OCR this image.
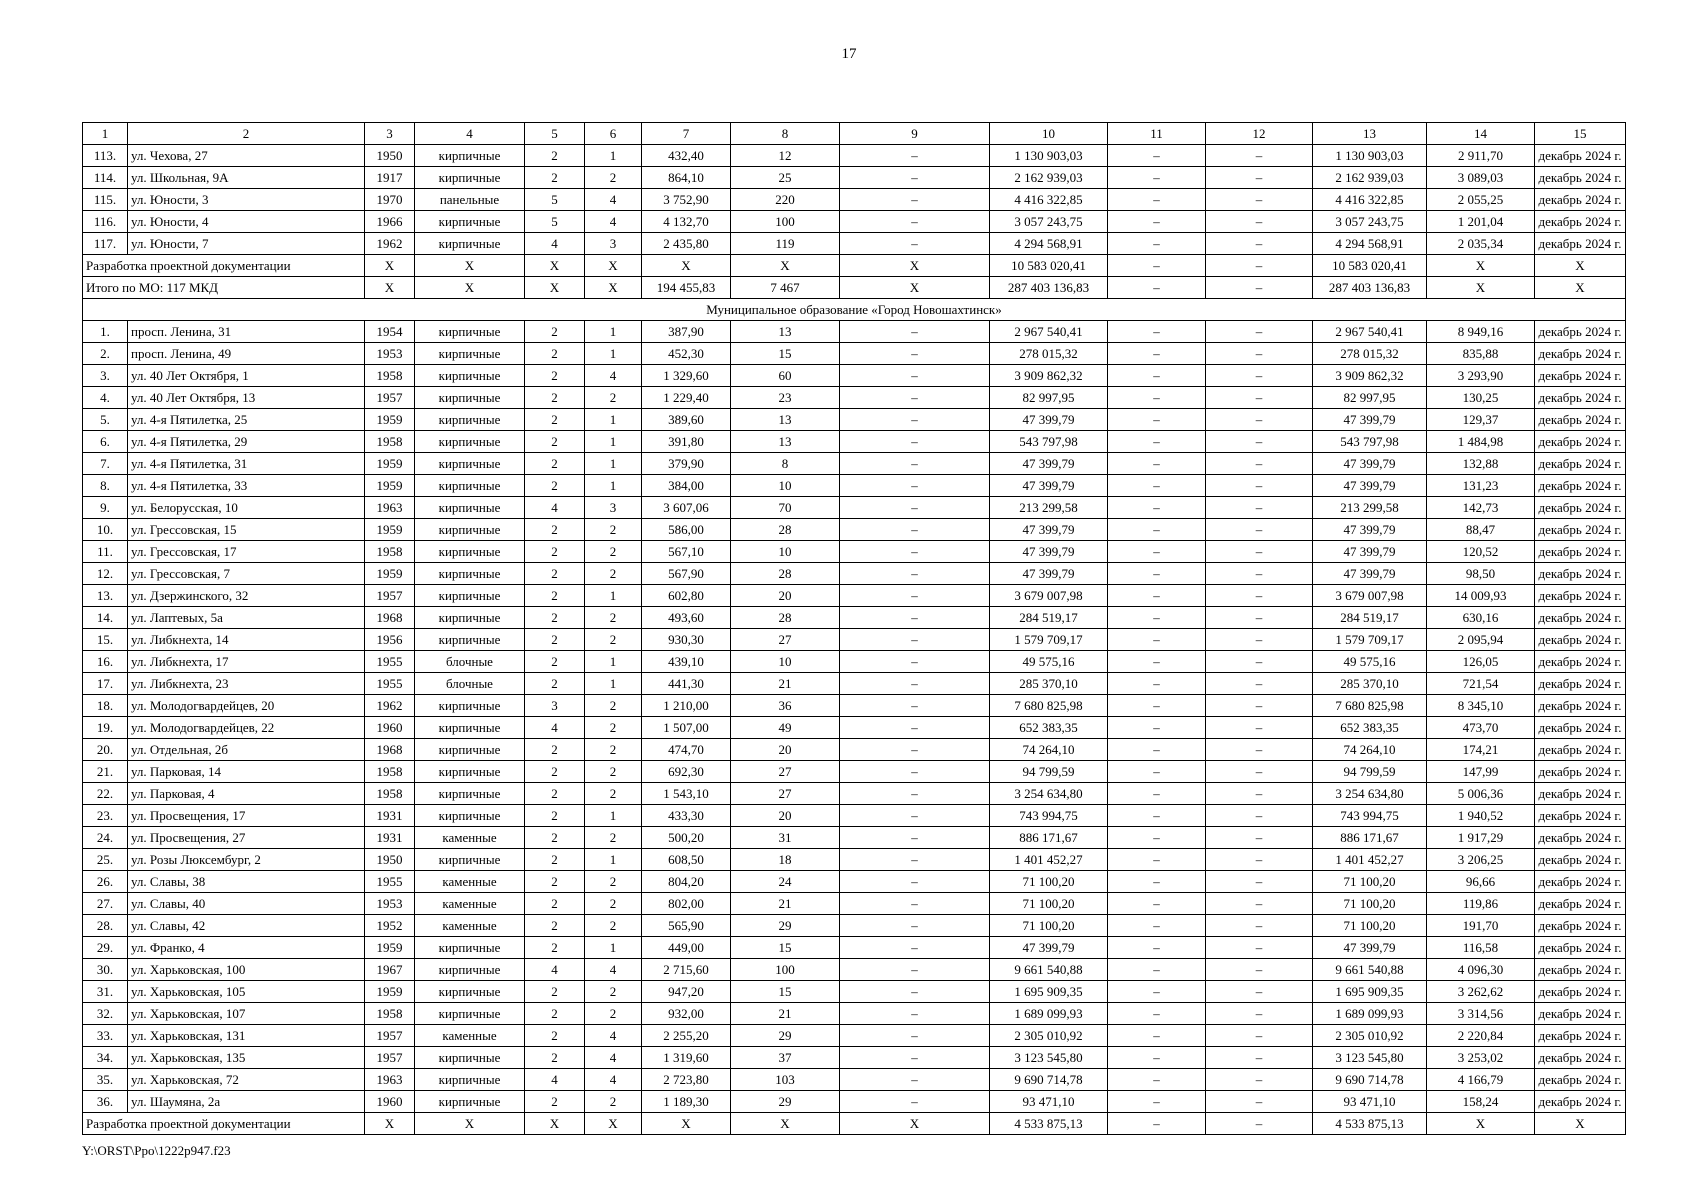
17
1	2	3	4	5	6	7	8	9	10	11	12	13	14	15
113.	ул. Чехова, 27	1950	кирпичные	2	1	432,40	12	–	1 130 903,03	–	–	1 130 903,03	2 911,70	декабрь 2024 г.
114.	ул. Школьная, 9А	1917	кирпичные	2	2	864,10	25	–	2 162 939,03	–	–	2 162 939,03	3 089,03	декабрь 2024 г.
115.	ул. Юности, 3	1970	панельные	5	4	3 752,90	220	–	4 416 322,85	–	–	4 416 322,85	2 055,25	декабрь 2024 г.
116.	ул. Юности, 4	1966	кирпичные	5	4	4 132,70	100	–	3 057 243,75	–	–	3 057 243,75	1 201,04	декабрь 2024 г.
117.	ул. Юности, 7	1962	кирпичные	4	3	2 435,80	119	–	4 294 568,91	–	–	4 294 568,91	2 035,34	декабрь 2024 г.
Разработка проектной документации		Х	Х	Х	Х	Х	Х	Х	10 583 020,41	–	–	10 583 020,41	Х	Х
Итого по МО: 117 МКД		Х	Х	Х	Х	194 455,83	7 467	Х	287 403 136,83	–	–	287 403 136,83	Х	Х
Муниципальное образование «Город Новошахтинск»														
1.	просп. Ленина, 31	1954	кирпичные	2	1	387,90	13	–	2 967 540,41	–	–	2 967 540,41	8 949,16	декабрь 2024 г.
2.	просп. Ленина, 49	1953	кирпичные	2	1	452,30	15	–	278 015,32	–	–	278 015,32	835,88	декабрь 2024 г.
3.	ул. 40 Лет Октября, 1	1958	кирпичные	2	4	1 329,60	60	–	3 909 862,32	–	–	3 909 862,32	3 293,90	декабрь 2024 г.
4.	ул. 40 Лет Октября, 13	1957	кирпичные	2	2	1 229,40	23	–	82 997,95	–	–	82 997,95	130,25	декабрь 2024 г.
5.	ул. 4-я Пятилетка, 25	1959	кирпичные	2	1	389,60	13	–	47 399,79	–	–	47 399,79	129,37	декабрь 2024 г.
6.	ул. 4-я Пятилетка, 29	1958	кирпичные	2	1	391,80	13	–	543 797,98	–	–	543 797,98	1 484,98	декабрь 2024 г.
7.	ул. 4-я Пятилетка, 31	1959	кирпичные	2	1	379,90	8	–	47 399,79	–	–	47 399,79	132,88	декабрь 2024 г.
8.	ул. 4-я Пятилетка, 33	1959	кирпичные	2	1	384,00	10	–	47 399,79	–	–	47 399,79	131,23	декабрь 2024 г.
9.	ул. Белорусская, 10	1963	кирпичные	4	3	3 607,06	70	–	213 299,58	–	–	213 299,58	142,73	декабрь 2024 г.
10.	ул. Грессовская, 15	1959	кирпичные	2	2	586,00	28	–	47 399,79	–	–	47 399,79	88,47	декабрь 2024 г.
11.	ул. Грессовская, 17	1958	кирпичные	2	2	567,10	10	–	47 399,79	–	–	47 399,79	120,52	декабрь 2024 г.
12.	ул. Грессовская, 7	1959	кирпичные	2	2	567,90	28	–	47 399,79	–	–	47 399,79	98,50	декабрь 2024 г.
13.	ул. Дзержинского, 32	1957	кирпичные	2	1	602,80	20	–	3 679 007,98	–	–	3 679 007,98	14 009,93	декабрь 2024 г.
14.	ул. Лаптевых, 5а	1968	кирпичные	2	2	493,60	28	–	284 519,17	–	–	284 519,17	630,16	декабрь 2024 г.
15.	ул. Либкнехта, 14	1956	кирпичные	2	2	930,30	27	–	1 579 709,17	–	–	1 579 709,17	2 095,94	декабрь 2024 г.
16.	ул. Либкнехта, 17	1955	блочные	2	1	439,10	10	–	49 575,16	–	–	49 575,16	126,05	декабрь 2024 г.
17.	ул. Либкнехта, 23	1955	блочные	2	1	441,30	21	–	285 370,10	–	–	285 370,10	721,54	декабрь 2024 г.
18.	ул. Молодогвардейцев, 20	1962	кирпичные	3	2	1 210,00	36	–	7 680 825,98	–	–	7 680 825,98	8 345,10	декабрь 2024 г.
19.	ул. Молодогвардейцев, 22	1960	кирпичные	4	2	1 507,00	49	–	652 383,35	–	–	652 383,35	473,70	декабрь 2024 г.
20.	ул. Отдельная, 2б	1968	кирпичные	2	2	474,70	20	–	74 264,10	–	–	74 264,10	174,21	декабрь 2024 г.
21.	ул. Парковая, 14	1958	кирпичные	2	2	692,30	27	–	94 799,59	–	–	94 799,59	147,99	декабрь 2024 г.
22.	ул. Парковая, 4	1958	кирпичные	2	2	1 543,10	27	–	3 254 634,80	–	–	3 254 634,80	5 006,36	декабрь 2024 г.
23.	ул. Просвещения, 17	1931	кирпичные	2	1	433,30	20	–	743 994,75	–	–	743 994,75	1 940,52	декабрь 2024 г.
24.	ул. Просвещения, 27	1931	каменные	2	2	500,20	31	–	886 171,67	–	–	886 171,67	1 917,29	декабрь 2024 г.
25.	ул. Розы Люксембург, 2	1950	кирпичные	2	1	608,50	18	–	1 401 452,27	–	–	1 401 452,27	3 206,25	декабрь 2024 г.
26.	ул. Славы, 38	1955	каменные	2	2	804,20	24	–	71 100,20	–	–	71 100,20	96,66	декабрь 2024 г.
27.	ул. Славы, 40	1953	каменные	2	2	802,00	21	–	71 100,20	–	–	71 100,20	119,86	декабрь 2024 г.
28.	ул. Славы, 42	1952	каменные	2	2	565,90	29	–	71 100,20	–	–	71 100,20	191,70	декабрь 2024 г.
29.	ул. Франко, 4	1959	кирпичные	2	1	449,00	15	–	47 399,79	–	–	47 399,79	116,58	декабрь 2024 г.
30.	ул. Харьковская, 100	1967	кирпичные	4	4	2 715,60	100	–	9 661 540,88	–	–	9 661 540,88	4 096,30	декабрь 2024 г.
31.	ул. Харьковская, 105	1959	кирпичные	2	2	947,20	15	–	1 695 909,35	–	–	1 695 909,35	3 262,62	декабрь 2024 г.
32.	ул. Харьковская, 107	1958	кирпичные	2	2	932,00	21	–	1 689 099,93	–	–	1 689 099,93	3 314,56	декабрь 2024 г.
33.	ул. Харьковская, 131	1957	каменные	2	4	2 255,20	29	–	2 305 010,92	–	–	2 305 010,92	2 220,84	декабрь 2024 г.
34.	ул. Харьковская, 135	1957	кирпичные	2	4	1 319,60	37	–	3 123 545,80	–	–	3 123 545,80	3 253,02	декабрь 2024 г.
35.	ул. Харьковская, 72	1963	кирпичные	4	4	2 723,80	103	–	9 690 714,78	–	–	9 690 714,78	4 166,79	декабрь 2024 г.
36.	ул. Шаумяна, 2а	1960	кирпичные	2	2	1 189,30	29	–	93 471,10	–	–	93 471,10	158,24	декабрь 2024 г.
Разработка проектной документации		Х	Х	Х	Х	Х	Х	Х	4 533 875,13	–	–	4 533 875,13	Х	Х
Y:\ORST\Ppo\1222p947.f23
